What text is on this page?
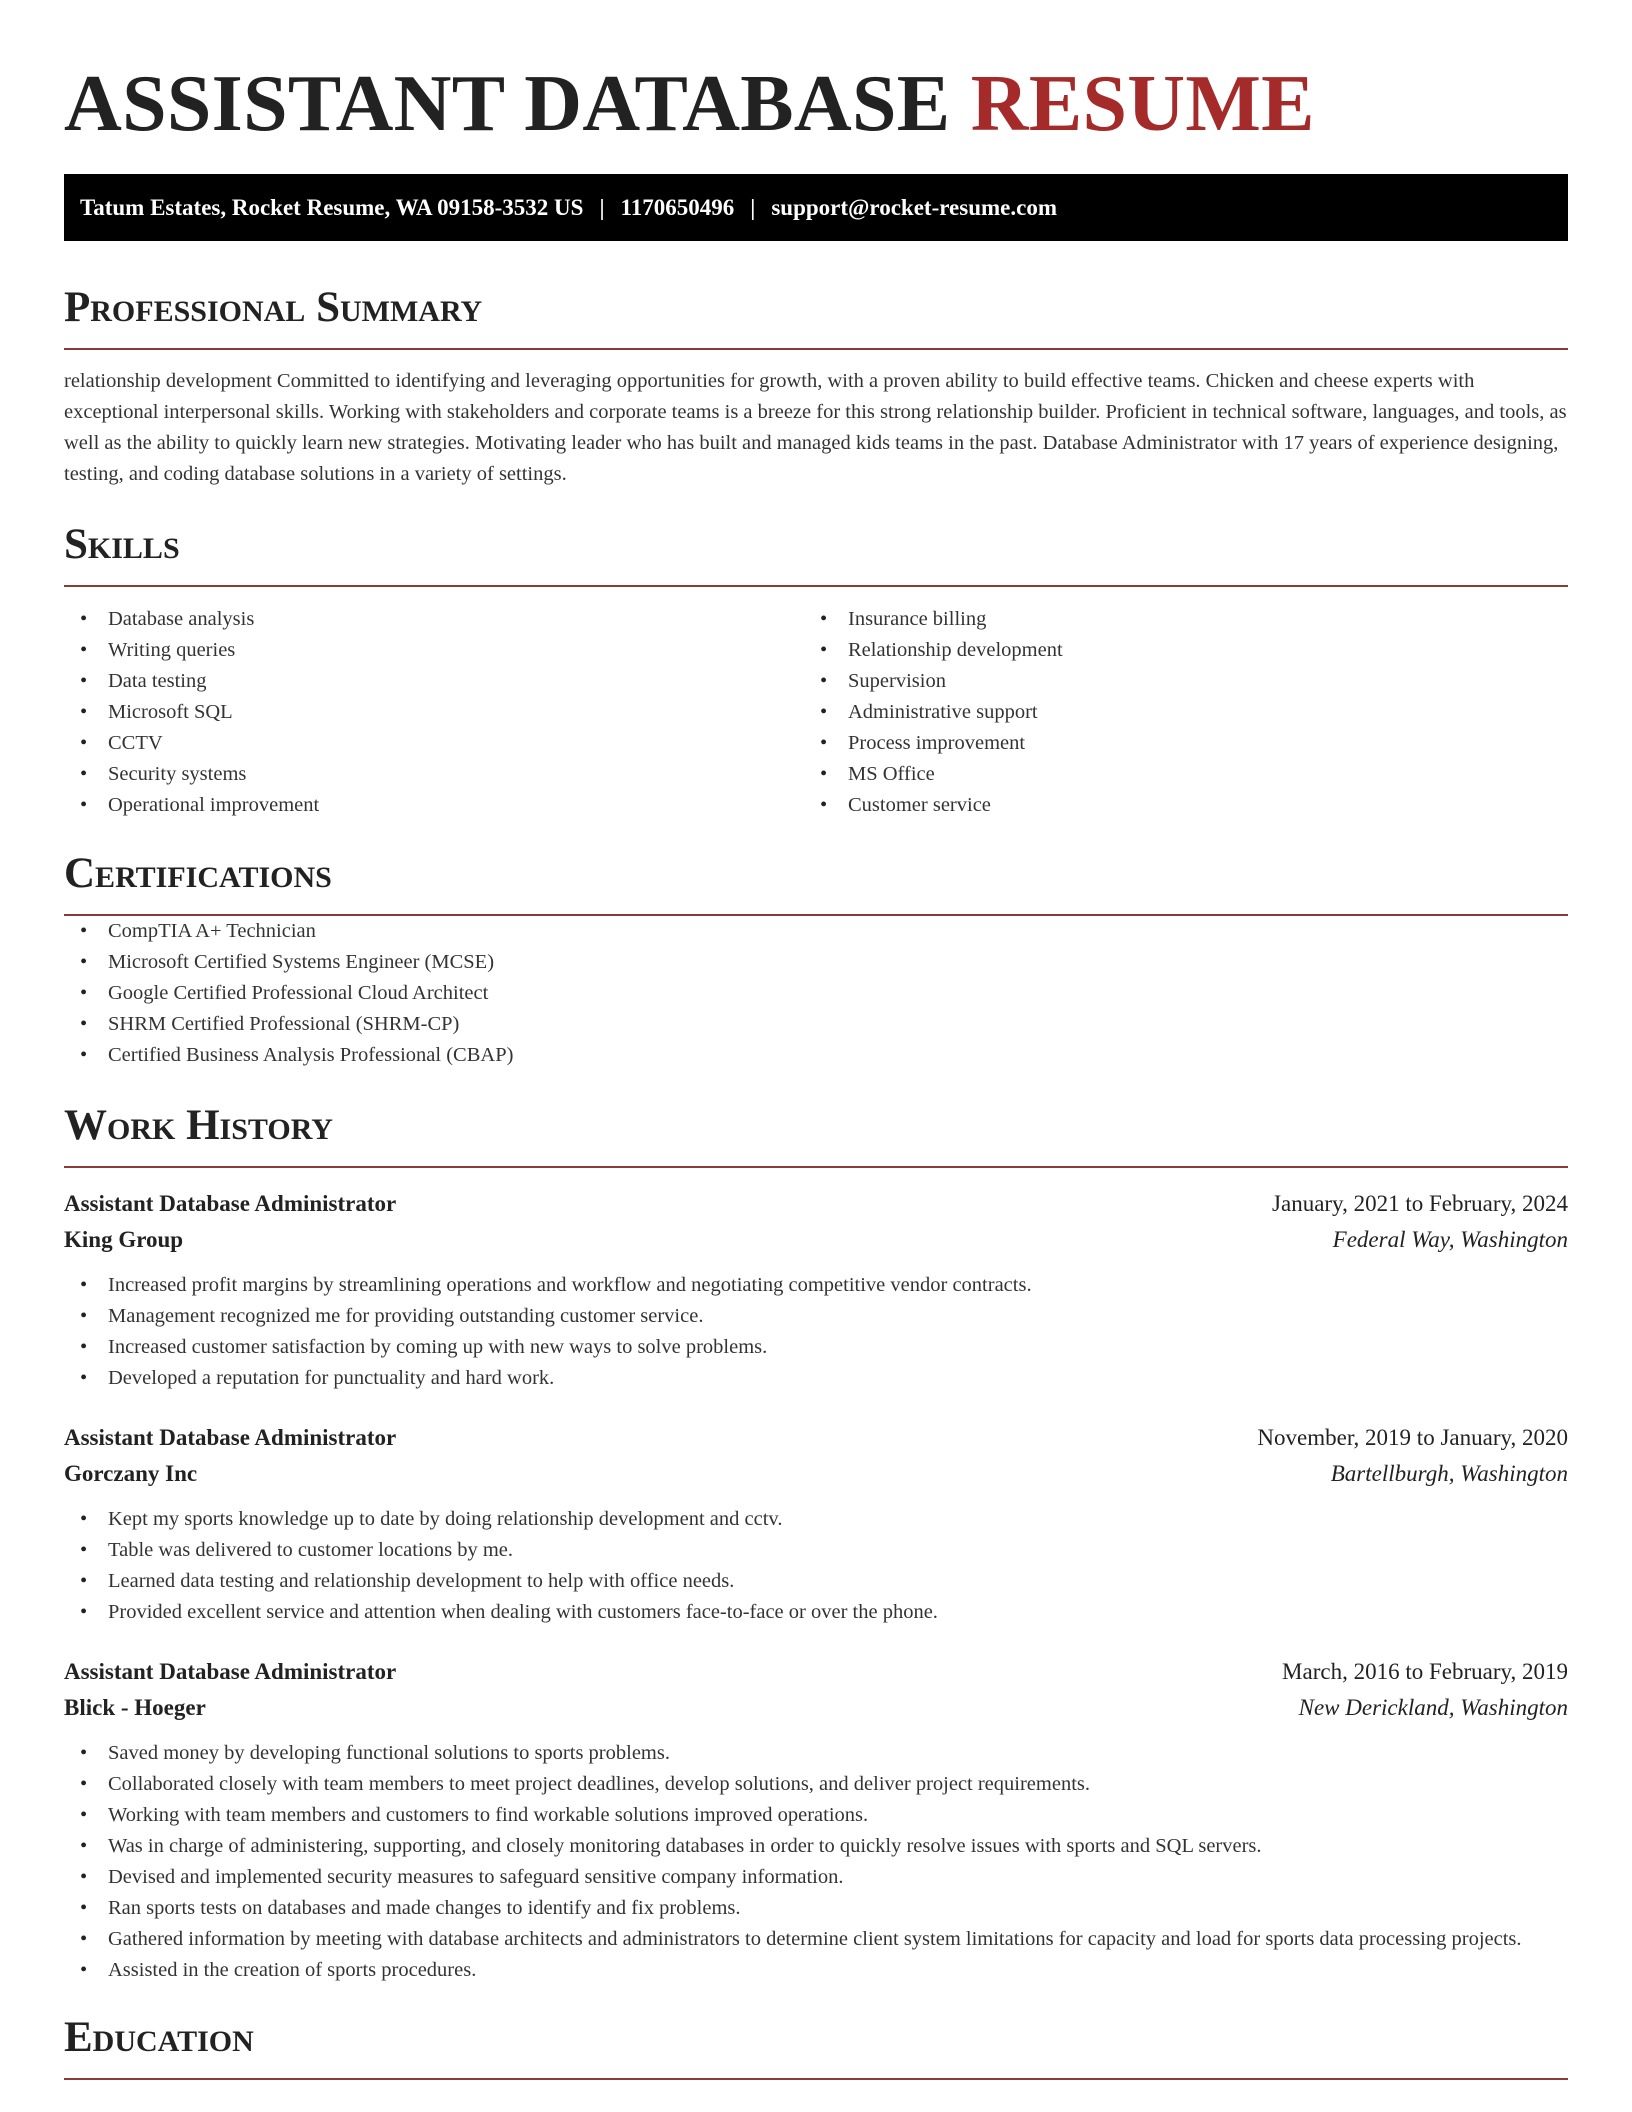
ASSISTANT DATABASE RESUME
Tatum Estates, Rocket Resume, WA 09158-3532 US | 1170650496 | support@rocket-resume.com
Professional Summary

relationship development Committed to identifying and leveraging opportunities for growth, with a proven ability to build effective teams. Chicken and cheese experts with exceptional interpersonal skills. Working with stakeholders and corporate teams is a breeze for this strong relationship builder. Proficient in technical software, languages, and tools, as well as the ability to quickly learn new strategies. Motivating leader who has built and managed kids teams in the past. Database Administrator with 17 years of experience designing, testing, and coding database solutions in a variety of settings.

Skills
• Database analysis
• Writing queries
• Data testing
• Microsoft SQL
• CCTV
• Security systems
• Operational improvement
• Insurance billing
• Relationship development
• Supervision
• Administrative support
• Process improvement
• MS Office
• Customer service
Certifications
• CompTIA A+ Technician
• Microsoft Certified Systems Engineer (MCSE)
• Google Certified Professional Cloud Architect
• SHRM Certified Professional (SHRM-CP)
• Certified Business Analysis Professional (CBAP)
Work History
Assistant Database Administrator	January, 2021 to February, 2024
King Group	Federal Way, Washington
• Increased profit margins by streamlining operations and workflow and negotiating competitive vendor contracts.
• Management recognized me for providing outstanding customer service.
• Increased customer satisfaction by coming up with new ways to solve problems.
• Developed a reputation for punctuality and hard work.
Assistant Database Administrator	November, 2019 to January, 2020
Gorczany Inc	Bartellburgh, Washington
• Kept my sports knowledge up to date by doing relationship development and cctv.
• Table was delivered to customer locations by me.
• Learned data testing and relationship development to help with office needs.
• Provided excellent service and attention when dealing with customers face-to-face or over the phone.
Assistant Database Administrator	March, 2016 to February, 2019
Blick - Hoeger	New Derickland, Washington
• Saved money by developing functional solutions to sports problems.
• Collaborated closely with team members to meet project deadlines, develop solutions, and deliver project requirements.
• Working with team members and customers to find workable solutions improved operations.
• Was in charge of administering, supporting, and closely monitoring databases in order to quickly resolve issues with sports and SQL servers.
• Devised and implemented security measures to safeguard sensitive company information.
• Ran sports tests on databases and made changes to identify and fix problems.
• Gathered information by meeting with database architects and administrators to determine client system limitations for capacity and load for sports data processing projects.
• Assisted in the creation of sports procedures.
Education
